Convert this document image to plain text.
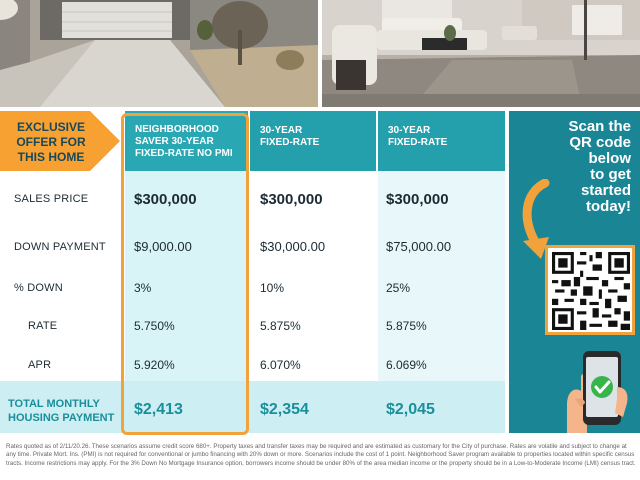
EXCLUSIVE
OFFER FOR
THIS HOME
NEIGHBORHOOD
SAVER 30-YEAR
FIXED-RATE NO PMI
30-YEAR
FIXED-RATE
30-YEAR
FIXED-RATE
SALES PRICE	$300,000	$300,000	$300,000
DOWN PAYMENT $9,000.00	$30,000.00	$75,000.00
% DOWN	3%	10%	25%
RATE	5.750%	5.875%	5.875%
APR	5.920%	6.070%	6.069%
TOTAL MONTHLY
HOUSING PAYMENT $2,413	$2,354	$2,045
Scan the
QR code
below
to get
started
today!
Rates quoted as of 2/11/20.26. These scenarios assume credit score 680+. Property taxes and transfer taxes may be required and are estimated as customary for the City of purchase. Rates are volatile and subject to change at any time. Private Mort. Ins. (PMI) is not required for conventional or jumbo financing with 20% down or more. Scenarios include the cost of 1 point. Neighborhood Saver program available to properties located within specific census tracts. Income restrictions may apply. For the 3% Down No Mortgage Insurance option, borrowers income should be under 80% of the area median income or the property should be in a Low-to-Moderate Income (LMI) census tract.
